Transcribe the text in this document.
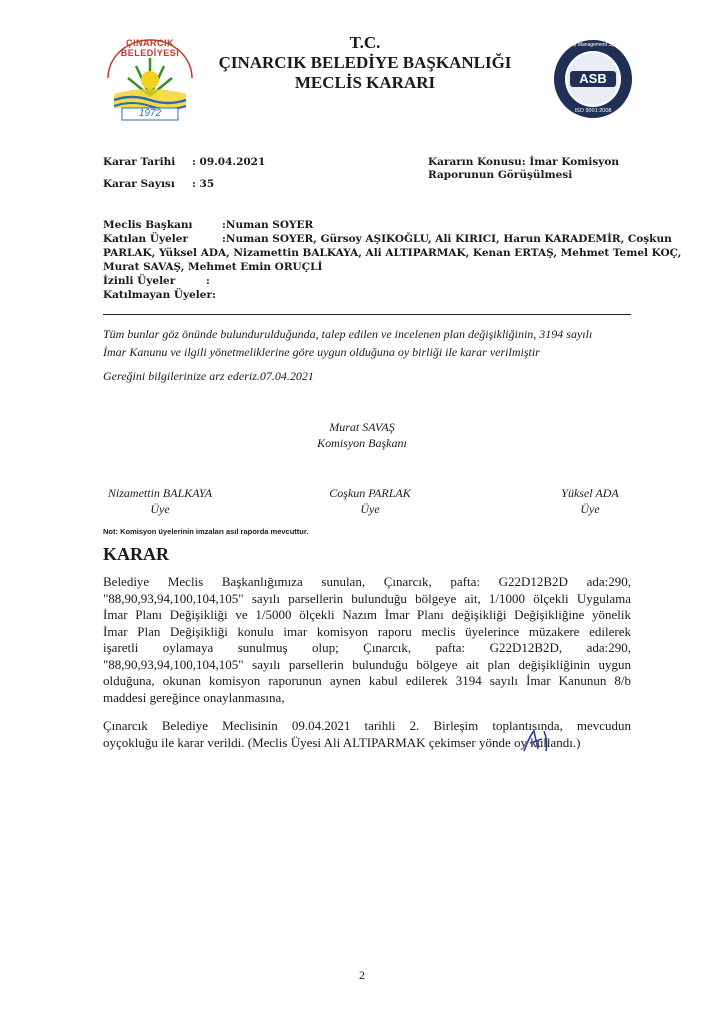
ÇINARCIK BELEDİYESİ
1972
T.C.
ÇINARCIK BELEDİYE BAŞKANLIĞI
MECLİS KARARI	ASB
Quality Management System
ISO 9001:2008
Karar Tarihi : 09.04.2021
Karar Sayısı : 35
Kararın Konusu: İmar Komisyon
Raporunun Görüşülmesi
Meclis Başkanı	:Numan SOYER
Katılan Üyeler	:Numan SOYER, Gürsoy AŞIKOĞLU, Ali KIRICI, Harun KARADEMİR, Coşkun
PARLAK, Yüksel ADA, Nizamettin BALKAYA, Ali ALTIPARMAK, Kenan ERTAŞ, Mehmet Temel KOÇ,
Murat SAVAŞ, Mehmet Emin ORUÇLİ
İzinli Üyeler	:
Katılmayan Üyeler:
Tüm bunlar göz önünde bulundurulduğunda, talep edilen ve incelenen plan değişikliğinin, 3194 sayılı
İmar Kanunu ve ilgili yönetmeliklerine göre uygun olduğuna oy birliği ile karar verilmiştir
Gereğini bilgilerinize arz ederiz.07.04.2021
Murat SAVAŞ
Komisyon Başkanı
Nizamettin BALKAYA
Üye
Coşkun PARLAK
Üye
Yüksel ADA
Üye
Not: Komisyon üyelerinin imzaları asıl raporda mevcuttur.
KARAR
Belediye Meclis Başkanlığımıza sunulan, Çınarcık, pafta: G22D12B2D ada:290,
"88,90,93,94,100,104,105" sayılı parsellerin bulunduğu bölgeye ait, 1/1000 ölçekli Uygulama
İmar Planı Değişikliği ve 1/5000 ölçekli Nazım İmar Planı değişikliği Değişikliğine yönelik
İmar Plan Değişikliği konulu imar komisyon raporu meclis üyelerince müzakere edilerek
işaretli oylamaya sunulmuş olup; Çınarcık, pafta: G22D12B2D, ada:290,
"88,90,93,94,100,104,105" sayılı parsellerin bulunduğu bölgeye ait plan değişikliğinin uygun
olduğuna, okunan komisyon raporunun aynen kabul edilerek 3194 sayılı İmar Kanunun 8/b
maddesi gereğince onaylanmasına,
Çınarcık Belediye Meclisinin 09.04.2021 tarihli 2. Birleşim toplantısında, mevcudun
oyçokluğu ile karar verildi. (Meclis Üyesi Ali ALTIPARMAK çekimser yönde oy kullandı.)
2
